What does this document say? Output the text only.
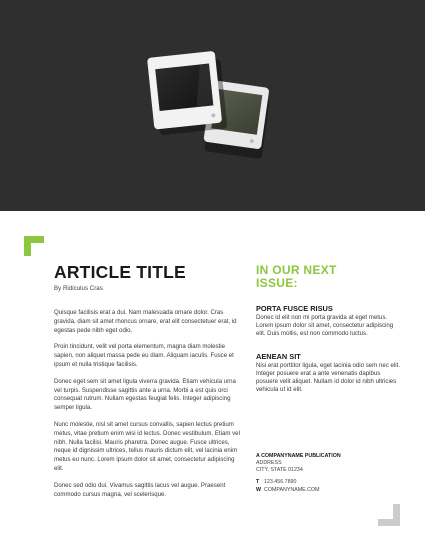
ARTICLE TITLE
By Ridiculus Cras

Quisque facilisis erat a dui. Nam malesuada ornare dolor. Cras gravida, diam sit amet rhoncus ornare, erat elit consectetuer erat, id egestas pede nibh eget odio.

Proin tincidunt, velit vel porta elementum, magna diam molestie sapien, non aliquet massa pede eu diam. Aliquam iaculis. Fusce et ipsum et nulla tristique facilisis.

Donec eget sem sit amet ligula viverra gravida. Etiam vehicula urna vel turpis. Suspendisse sagittis ante a urna. Morbi a est quis orci consequat rutrum. Nullam egestas feugiat felis. Integer adipiscing semper ligula.

Nunc molestie, nisl sit amet cursus convallis, sapien lectus pretium metus, vitae pretium enim wisi id lectus. Donec vestibulum. Etiam vel nibh. Nulla facilisi. Mauris pharetra. Donec augue. Fusce ultrices, neque id dignissim ultrices, tellus mauris dictum elit, vel lacinia enim metus eu nunc. Lorem ipsum dolor sit amet, consectetur adipiscing elit.

Donec sed odio dui. Vivamus sagittis lacus vel augue. Praesent commodo cursus magna, vel scelerisque.

IN OUR NEXT
ISSUE:
PORTA FUSCE RISUS

Donec id elit non mi porta gravida at eget metus. Lorem ipsum dolor sit amet, consectetur adipiscing elit. Duis mollis, est non commodo luctus.

AENEAN SIT

Nisi erat porttitor ligula, eget lacinia odio sem nec elit. Integer posuere erat a ante venenatis dapibus posuere velit aliquet. Nullam id dolor id nibh ultricies vehicula ut id elit.

A COMPANYNAME PUBLICATION
ADDRESS
CITY, STATE 01234
T 123.456.7890
W COMPANYNAME.COM
